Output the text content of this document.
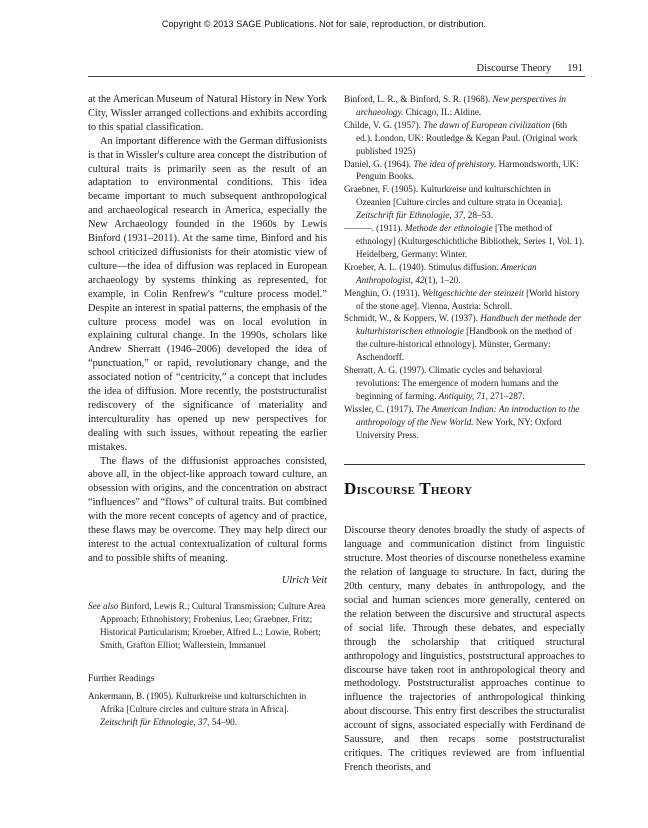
Copyright © 2013 SAGE Publications. Not for sale, reproduction, or distribution.
Discourse Theory 191

at the American Museum of Natural History in New York City, Wissler arranged collections and exhibits according to this spatial classification.

An important difference with the German diffusionists is that in Wissler's culture area concept the distribution of cultural traits is primarily seen as the result of an adaptation to environmental conditions. This idea became important to much subsequent anthropological and archaeological research in America, especially the New Archaeology founded in the 1960s by Lewis Binford (1931–2011). At the same time, Binford and his school criticized diffusionists for their atomistic view of culture—the idea of diffusion was replaced in European archaeology by systems thinking as represented, for example, in Colin Renfrew's “culture process model.” Despite an interest in spatial patterns, the emphasis of the culture process model was on local evolution in explaining cultural change. In the 1990s, scholars like Andrew Sherratt (1946–2006) developed the idea of “punctuation,” or rapid, revolutionary change, and the associated notion of “centricity,” a concept that includes the idea of diffusion. More recently, the poststructuralist rediscovery of the significance of materiality and interculturality has opened up new perspectives for dealing with such issues, without repeating the earlier mistakes.

The flaws of the diffusionist approaches consisted, above all, in the object-like approach toward culture, an obsession with origins, and the concentration on abstract “influences” and “flows” of cultural traits. But combined with the more recent concepts of agency and of practice, these flaws may be overcome. They may help direct our interest to the actual contextualization of cultural forms and to possible shifts of meaning.

Ulrich Veit

See also Binford, Lewis R.; Cultural Transmission; Culture Area Approach; Ethnohistory; Frobenius, Leo; Graebner, Fritz; Historical Particularism; Kroeber, Alfred L.; Lowie, Robert; Smith, Grafton Elliot; Wallerstein, Immanuel

Further Readings

Ankermann, B. (1905). Kulturkreise und kulturschichten in Afrika [Culture circles and culture strata in Africa]. Zeitschrift für Ethnologie, 37, 54–90.

Binford, L. R., & Binford, S. R. (1968). New perspectives in archaeology. Chicago, IL: Aldine.

Childe, V. G. (1957). The dawn of European civilization (6th ed.). London, UK: Routledge & Kegan Paul. (Original work published 1925)

Daniel, G. (1964). The idea of prehistory. Harmondsworth, UK: Penguin Books.

Graebner, F. (1905). Kulturkreise und kulturschichten in Ozeanien [Culture circles and culture strata in Oceania]. Zeitschrift für Ethnologie, 37, 28–53.

———. (1911). Methode der ethnologie [The method of ethnology] (Kulturgeschichtliche Bibliothek, Series 1, Vol. 1). Heidelberg, Germany: Winter.

Kroeber, A. L. (1940). Stimulus diffusion. American Anthropologist, 42(1), 1–20.

Menghin, O. (1931). Weltgeschichte der steinzeit [World history of the stone age]. Vienna, Austria: Schroll.

Schmidt, W., & Koppers, W. (1937). Handbuch der methode der kulturhistorischen ethnologie [Handbook on the method of the culture-historical ethnology]. Münster, Germany: Aschendorff.

Sherratt, A. G. (1997). Climatic cycles and behavioral revolutions: The emergence of modern humans and the beginning of farming. Antiquity, 71, 271–287.

Wissler, C. (1917). The American Indian: An introduction to the anthropology of the New World. New York, NY: Oxford University Press.

Discourse Theory

Discourse theory denotes broadly the study of aspects of language and communication distinct from linguistic structure. Most theories of discourse nonetheless examine the relation of language to structure. In fact, during the 20th century, many debates in anthropology, and the social and human sciences more generally, centered on the relation between the discursive and structural aspects of social life. Through these debates, and especially through the scholarship that critiqued structural anthropology and linguistics, poststructural approaches to discourse have taken root in anthropological theory and methodology. Poststructuralist approaches continue to influence the trajectories of anthropological thinking about discourse. This entry first describes the structuralist account of signs, associated especially with Ferdinand de Saussure, and then recaps some poststructuralist critiques. The critiques reviewed are from influential French theorists, and
